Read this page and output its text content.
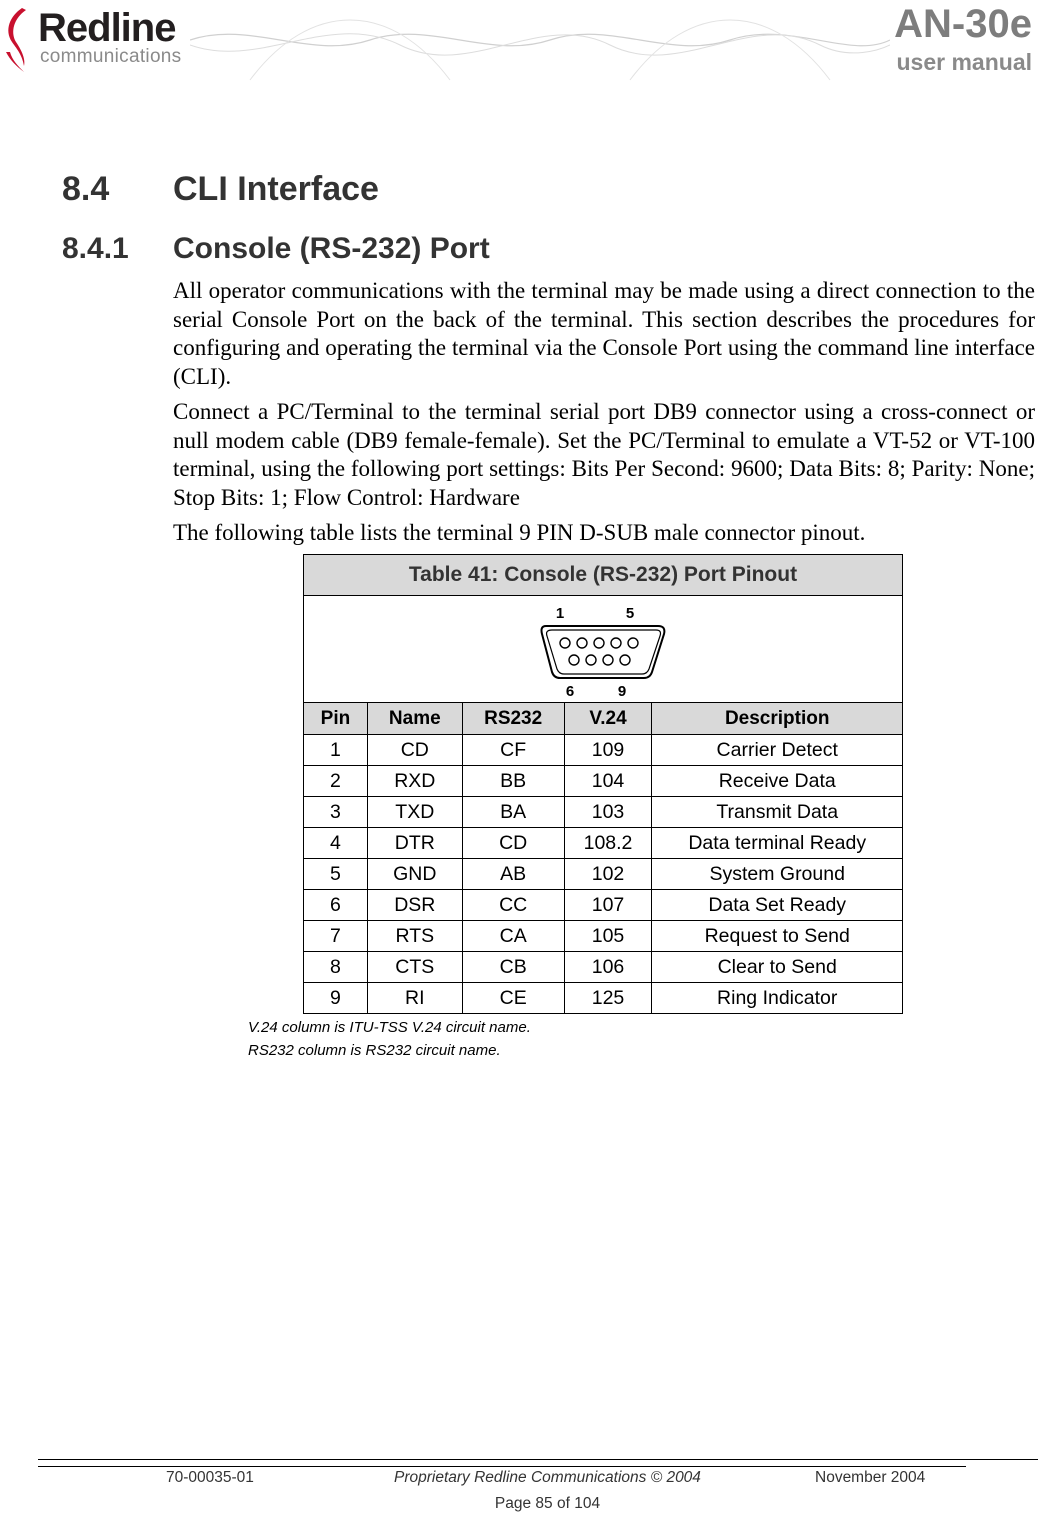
Redline
communications
AN-30e
user manual
8.4 CLI Interface
8.4.1 Console (RS-232) Port

All operator communications with the terminal may be made using a direct connection to the serial Console Port on the back of the terminal. This section describes the procedures for configuring and operating the terminal via the Console Port using the command line interface (CLI).

Connect a PC/Terminal to the terminal serial port DB9 connector using a cross-connect or null modem cable (DB9 female-female). Set the PC/Terminal to emulate a VT-52 or VT-100 terminal, using the following port settings: Bits Per Second: 9600; Data Bits: 8; Parity: None; Stop Bits: 1; Flow Control: Hardware

The following table lists the terminal 9 PIN D-SUB male connector pinout.

Table 41: Console (RS-232) Port Pinout				

1 5
6 9				

Pin	Name	RS232	V.24	Description
1	CD	CF	109	Carrier Detect
2	RXD	BB	104	Receive Data
3	TXD	BA	103	Transmit Data
4	DTR	CD	108.2	Data terminal Ready
5	GND	AB	102	System Ground
6	DSR	CC	107	Data Set Ready
7	RTS	CA	105	Request to Send
8	CTS	CB	106	Clear to Send
9	RI	CE	125	Ring Indicator
V.24 column is ITU-TSS V.24 circuit name.
RS232 column is RS232 circuit name.
70-00035-01	Proprietary Redline Communications © 2004	November 2004
Page 85 of 104
